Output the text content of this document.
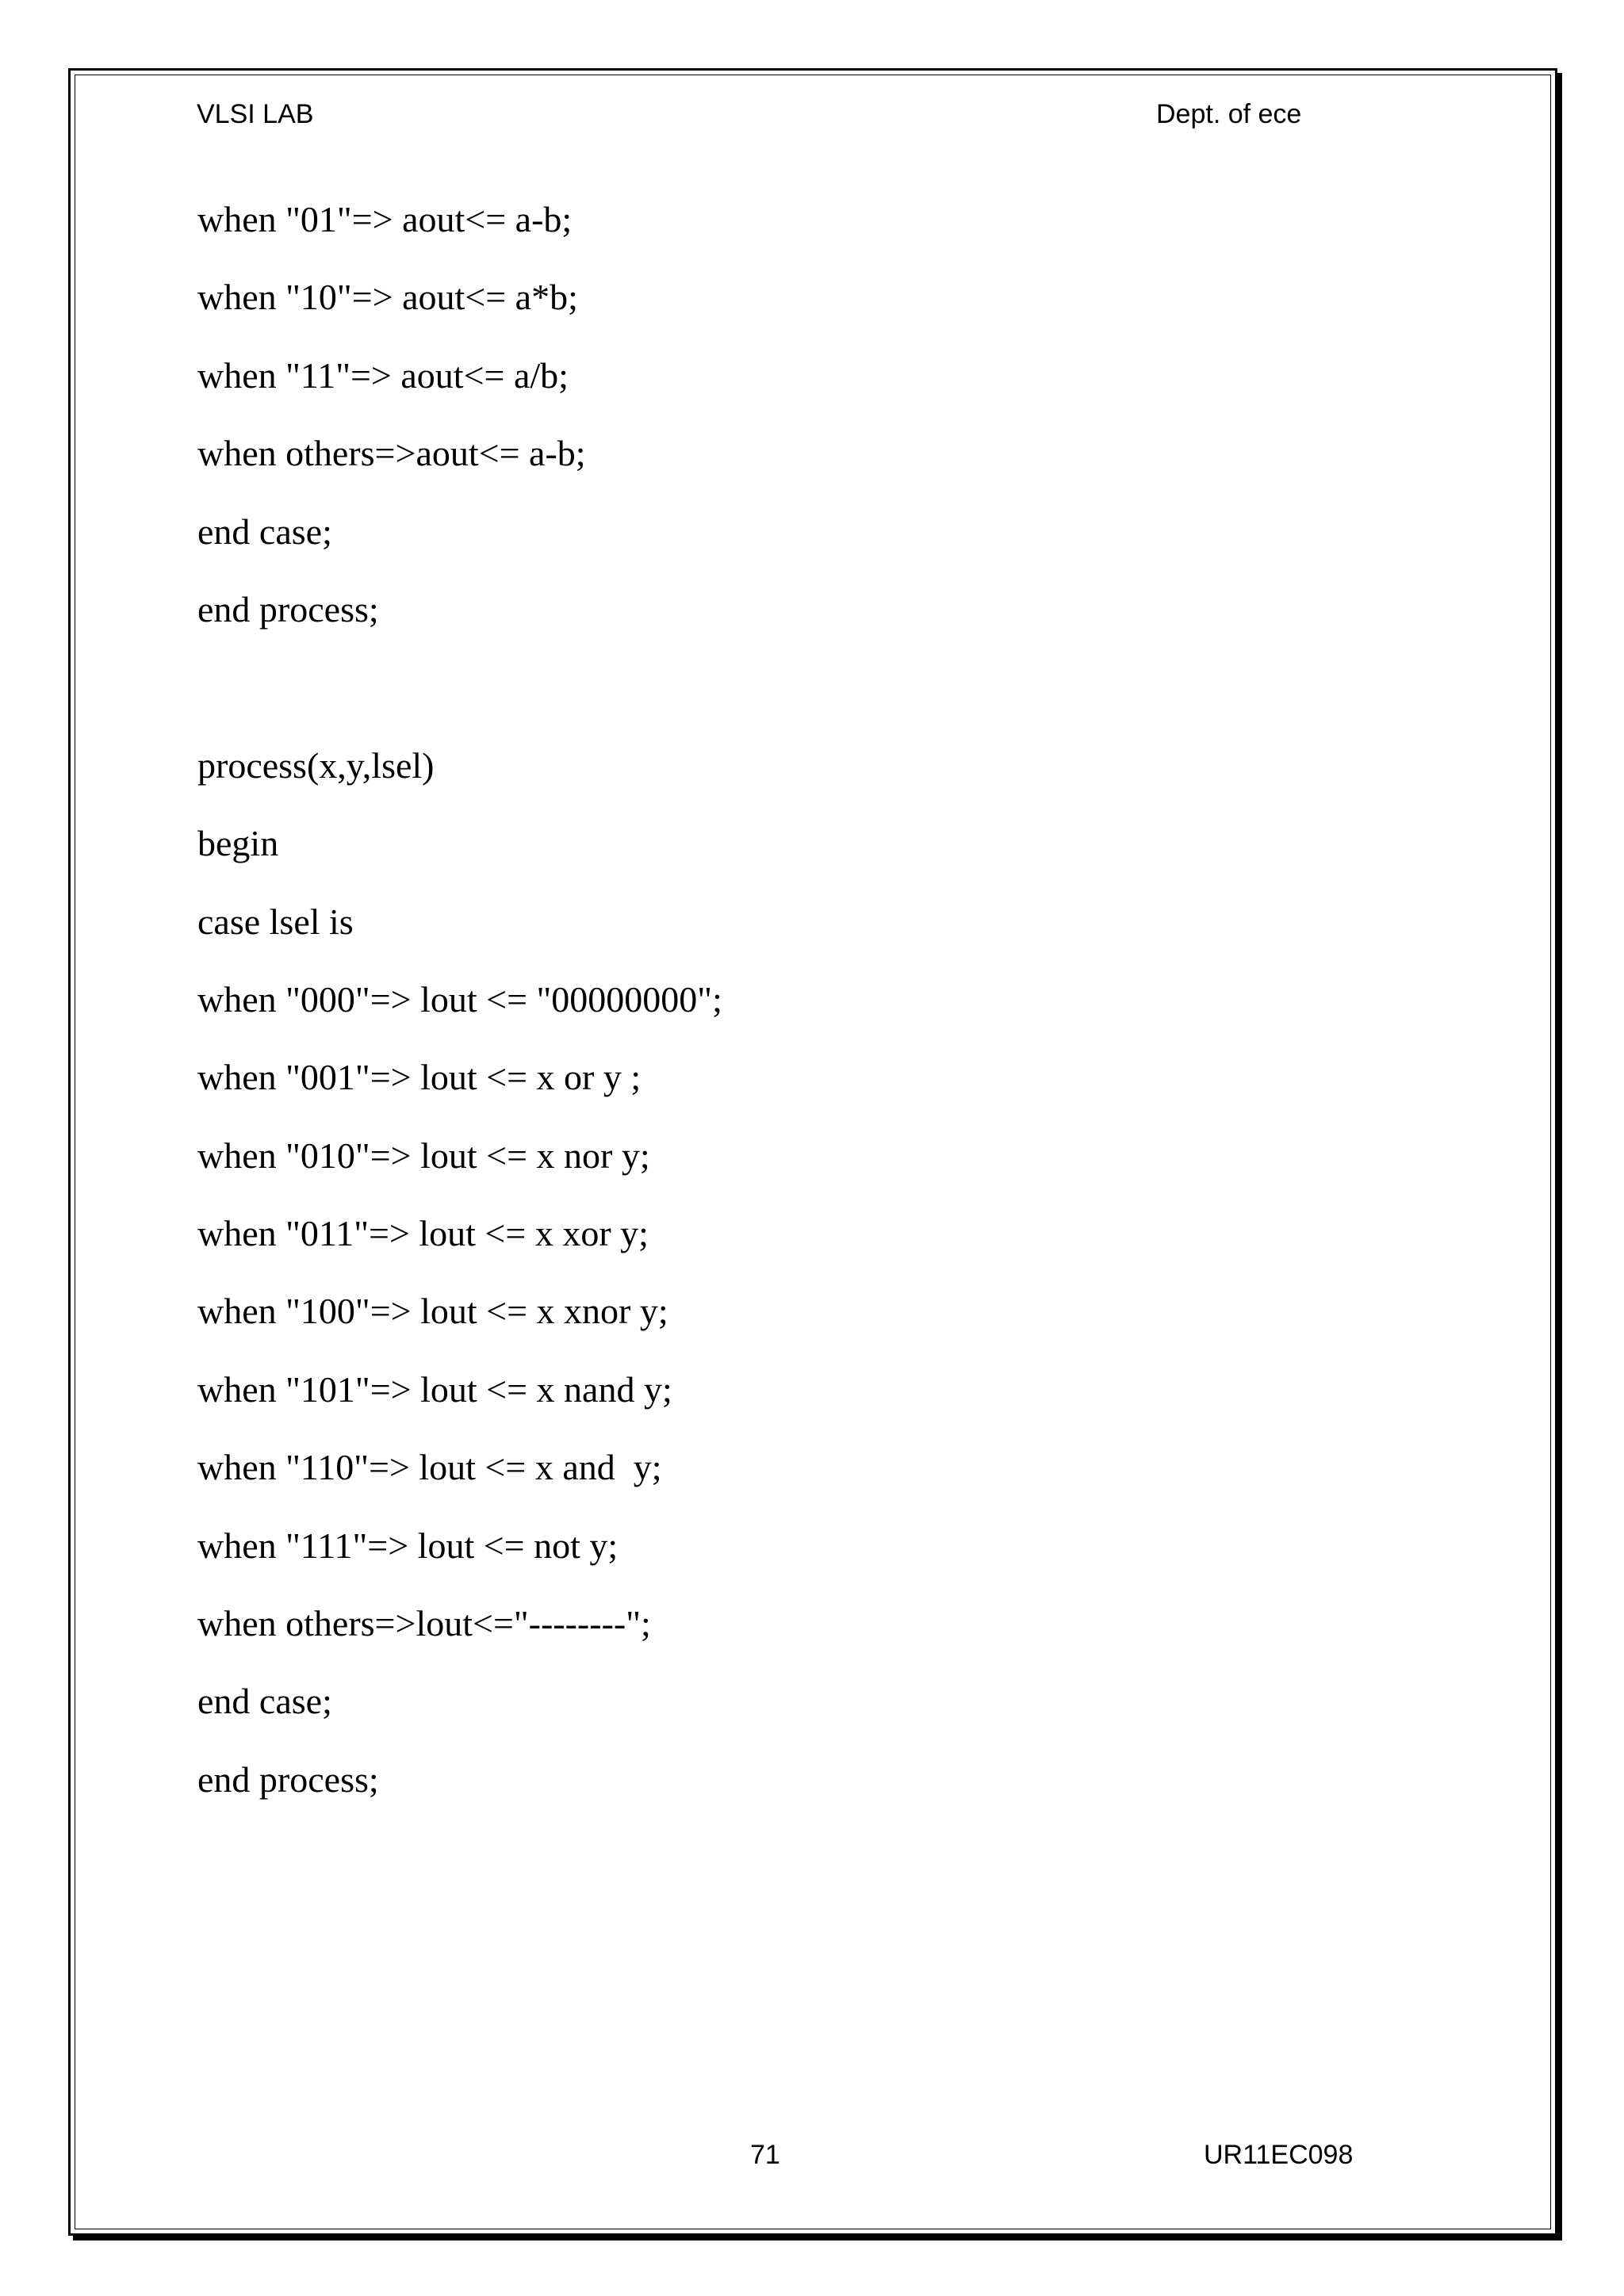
VLSI LAB	Dept. of ece
when "01"=> aout<= a-b;
when "10"=> aout<= a*b;
when "11"=> aout<= a/b;
when others=>aout<= a-b;
end case;
end process;
process(x,y,lsel)
begin
case lsel is
when "000"=> lout <= "00000000";
when "001"=> lout <= x or y ;
when "010"=> lout <= x nor y;
when "011"=> lout <= x xor y;
when "100"=> lout <= x xnor y;
when "101"=> lout <= x nand y;
when "110"=> lout <= x and  y;
when "111"=> lout <= not y;
when others=>lout<="--------";
end case;
end process;
71	UR11EC098
